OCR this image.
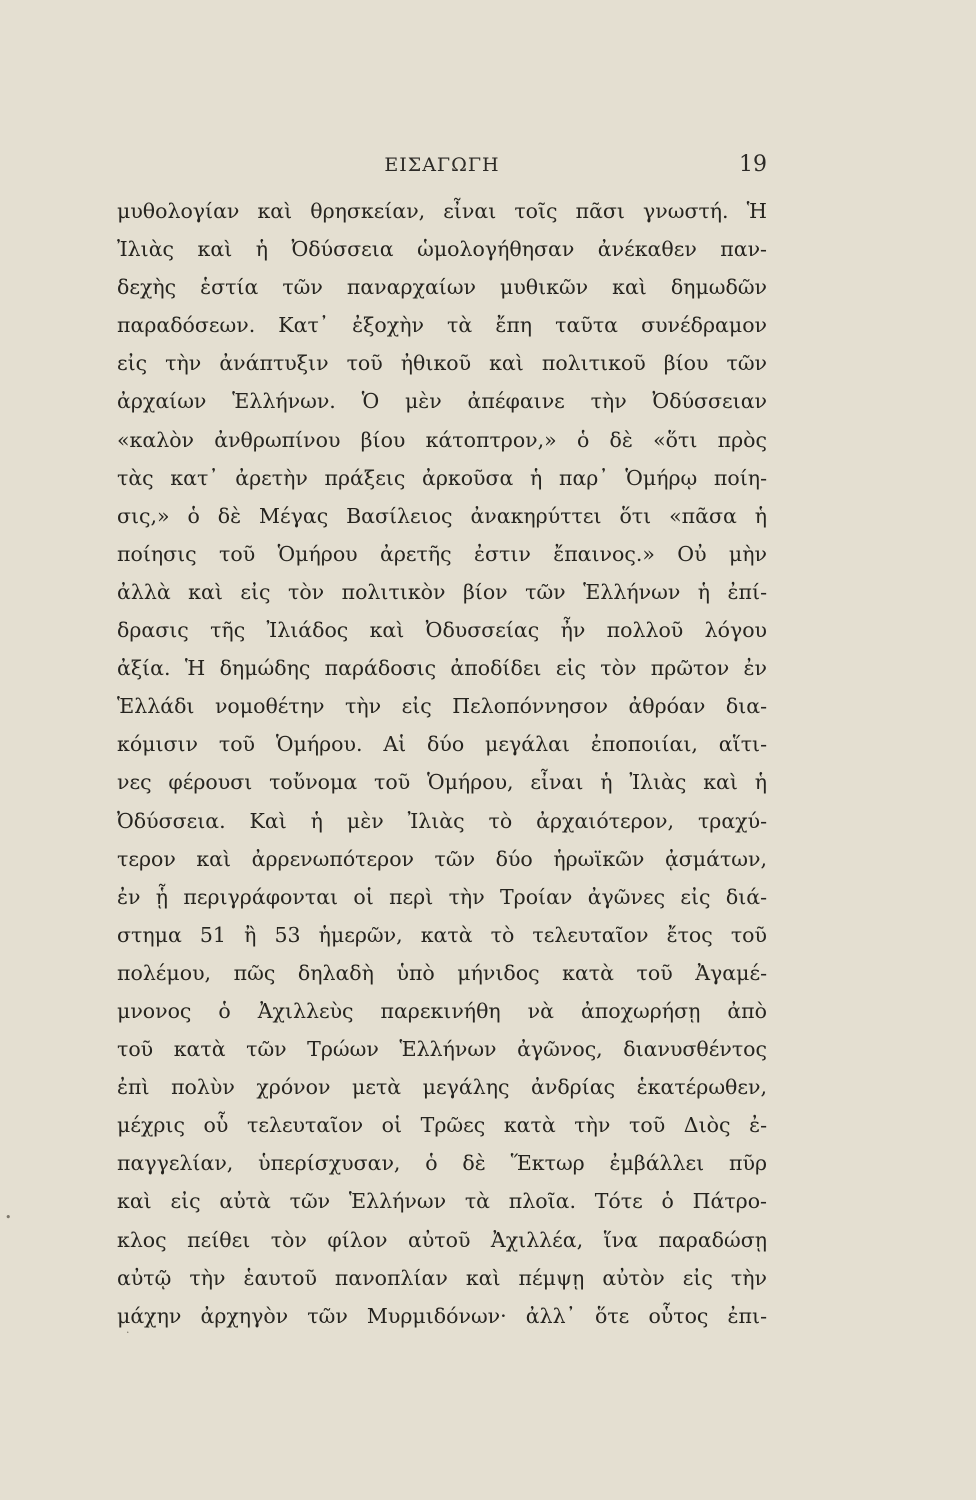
ΕΙΣΑΓΩΓΗ	19
μυθολογίαν καὶ θρησκείαν, εἶναι τοῖς πᾶσι γνωστή. Ἡ
Ἰλιὰς καὶ ἡ Ὀδύσσεια ὡμολογήθησαν ἀνέκαθεν παν-
δεχὴς ἑστία τῶν παναρχαίων μυθικῶν καὶ δημωδῶν
παραδόσεων. Κατ᾽ ἐξοχὴν τὰ ἔπη ταῦτα συνέδραμον
εἰς τὴν ἀνάπτυξιν τοῦ ἠθικοῦ καὶ πολιτικοῦ βίου τῶν
ἀρχαίων Ἑλλήνων. Ὁ μὲν ἀπέφαινε τὴν Ὀδύσσειαν
«καλὸν ἀνθρωπίνου βίου κάτοπτρον,» ὁ δὲ «ὅτι πρὸς
τὰς κατ᾽ ἀρετὴν πράξεις ἀρκοῦσα ἡ παρ᾽ Ὁμήρῳ ποίη-
σις,» ὁ δὲ Μέγας Βασίλειος ἀνακηρύττει ὅτι «πᾶσα ἡ
ποίησις τοῦ Ὁμήρου ἀρετῆς ἐστιν ἔπαινος.» Οὐ μὴν
ἀλλὰ καὶ εἰς τὸν πολιτικὸν βίον τῶν Ἑλλήνων ἡ ἐπί-
δρασις τῆς Ἰλιάδος καὶ Ὀδυσσείας ἦν πολλοῦ λόγου
ἀξία. Ἡ δημώδης παράδοσις ἀποδίδει εἰς τὸν πρῶτον ἐν
Ἑλλάδι νομοθέτην τὴν εἰς Πελοπόννησον ἀθρόαν δια-
κόμισιν τοῦ Ὁμήρου. Αἱ δύο μεγάλαι ἐποποιίαι, αἵτι-
νες φέρουσι τοὔνομα τοῦ Ὁμήρου, εἶναι ἡ Ἰλιὰς καὶ ἡ
Ὀδύσσεια. Καὶ ἡ μὲν Ἰλιὰς τὸ ἀρχαιότερον, τραχύ-
τερον καὶ ἀρρενωπότερον τῶν δύο ἡρωϊκῶν ᾀσμάτων,
ἐν ᾗ περιγράφονται οἱ περὶ τὴν Τροίαν ἀγῶνες εἰς διά-
στημα 51 ἢ 53 ἡμερῶν, κατὰ τὸ τελευταῖον ἔτος τοῦ
πολέμου, πῶς δηλαδὴ ὑπὸ μήνιδος κατὰ τοῦ Ἀγαμέ-
μνονος ὁ Ἀχιλλεὺς παρεκινήθη νὰ ἀποχωρήσῃ ἀπὸ
τοῦ κατὰ τῶν Τρώων Ἑλλήνων ἀγῶνος, διανυσθέντος
ἐπὶ πολὺν χρόνον μετὰ μεγάλης ἀνδρίας ἑκατέρωθεν,
μέχρις οὗ τελευταῖον οἱ Τρῶες κατὰ τὴν τοῦ Διὸς ἐ-
παγγελίαν, ὑπερίσχυσαν, ὁ δὲ Ἕκτωρ ἐμβάλλει πῦρ
καὶ εἰς αὐτὰ τῶν Ἑλλήνων τὰ πλοῖα. Τότε ὁ Πάτρο-
κλος πείθει τὸν φίλον αὐτοῦ Ἀχιλλέα, ἵνα παραδώσῃ
αὐτῷ τὴν ἑαυτοῦ πανοπλίαν καὶ πέμψῃ αὐτὸν εἰς τὴν
μάχην ἀρχηγὸν τῶν Μυρμιδόνων· ἀλλ᾽ ὅτε οὗτος ἐπι-
•
·
